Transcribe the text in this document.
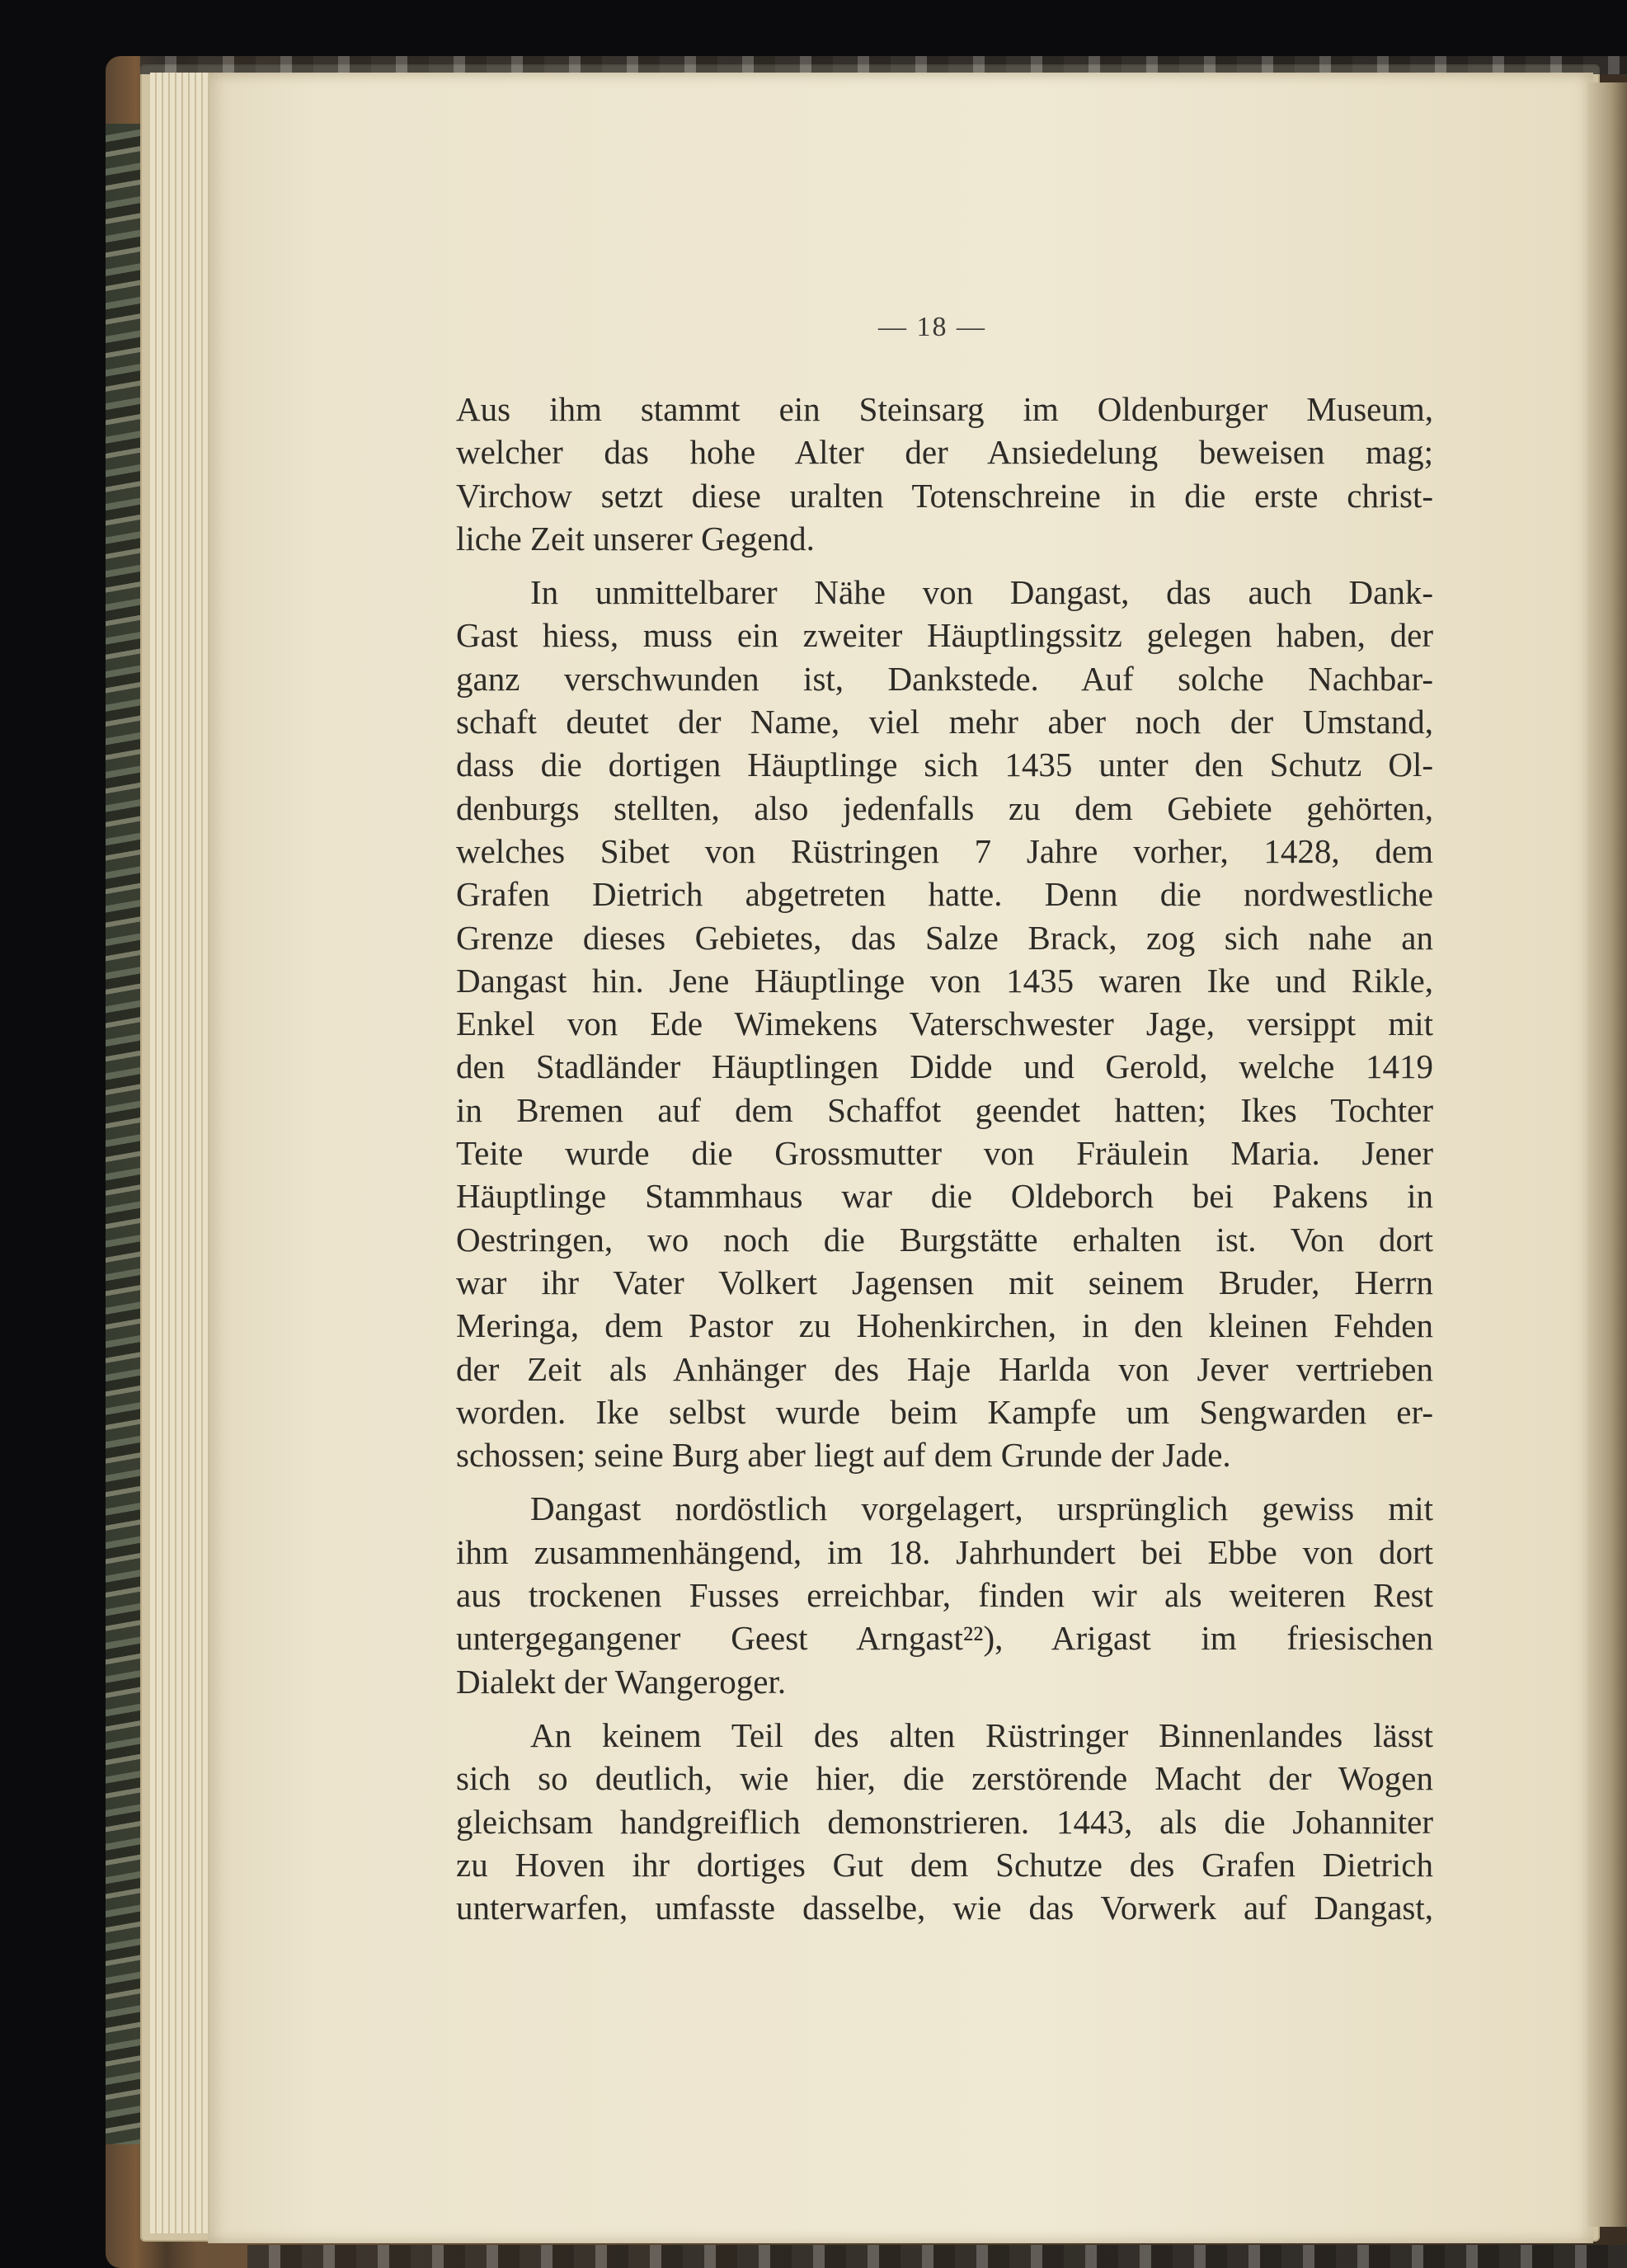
— 18 —

Aus ihm stammt ein Steinsarg im Oldenburger Museum,
welcher das hohe Alter der Ansiedelung beweisen mag;
Virchow setzt diese uralten Totenschreine in die erste christ-
liche Zeit unserer Gegend.

In unmittelbarer Nähe von Dangast, das auch Dank-
Gast hiess, muss ein zweiter Häuptlingssitz gelegen haben, der
ganz verschwunden ist, Dankstede. Auf solche Nachbar-
schaft deutet der Name, viel mehr aber noch der Umstand,
dass die dortigen Häuptlinge sich 1435 unter den Schutz Ol-
denburgs stellten, also jedenfalls zu dem Gebiete gehörten,
welches Sibet von Rüstringen 7 Jahre vorher, 1428, dem
Grafen Dietrich abgetreten hatte. Denn die nordwestliche
Grenze dieses Gebietes, das Salze Brack, zog sich nahe an
Dangast hin. Jene Häuptlinge von 1435 waren Ike und Rikle,
Enkel von Ede Wimekens Vaterschwester Jage, versippt mit
den Stadländer Häuptlingen Didde und Gerold, welche 1419
in Bremen auf dem Schaffot geendet hatten; Ikes Tochter
Teite wurde die Grossmutter von Fräulein Maria. Jener
Häuptlinge Stammhaus war die Oldeborch bei Pakens in
Oestringen, wo noch die Burgstätte erhalten ist. Von dort
war ihr Vater Volkert Jagensen mit seinem Bruder, Herrn
Meringa, dem Pastor zu Hohenkirchen, in den kleinen Fehden
der Zeit als Anhänger des Haje Harlda von Jever vertrieben
worden. Ike selbst wurde beim Kampfe um Sengwarden er-
schossen; seine Burg aber liegt auf dem Grunde der Jade.

Dangast nordöstlich vorgelagert, ursprünglich gewiss mit
ihm zusammenhängend, im 18. Jahrhundert bei Ebbe von dort
aus trockenen Fusses erreichbar, finden wir als weiteren Rest
untergegangener Geest Arngast²²), Arigast im friesischen
Dialekt der Wangeroger.

An keinem Teil des alten Rüstringer Binnenlandes lässt
sich so deutlich, wie hier, die zerstörende Macht der Wogen
gleichsam handgreiflich demonstrieren. 1443, als die Johanniter
zu Hoven ihr dortiges Gut dem Schutze des Grafen Dietrich
unterwarfen, umfasste dasselbe, wie das Vorwerk auf Dangast,
